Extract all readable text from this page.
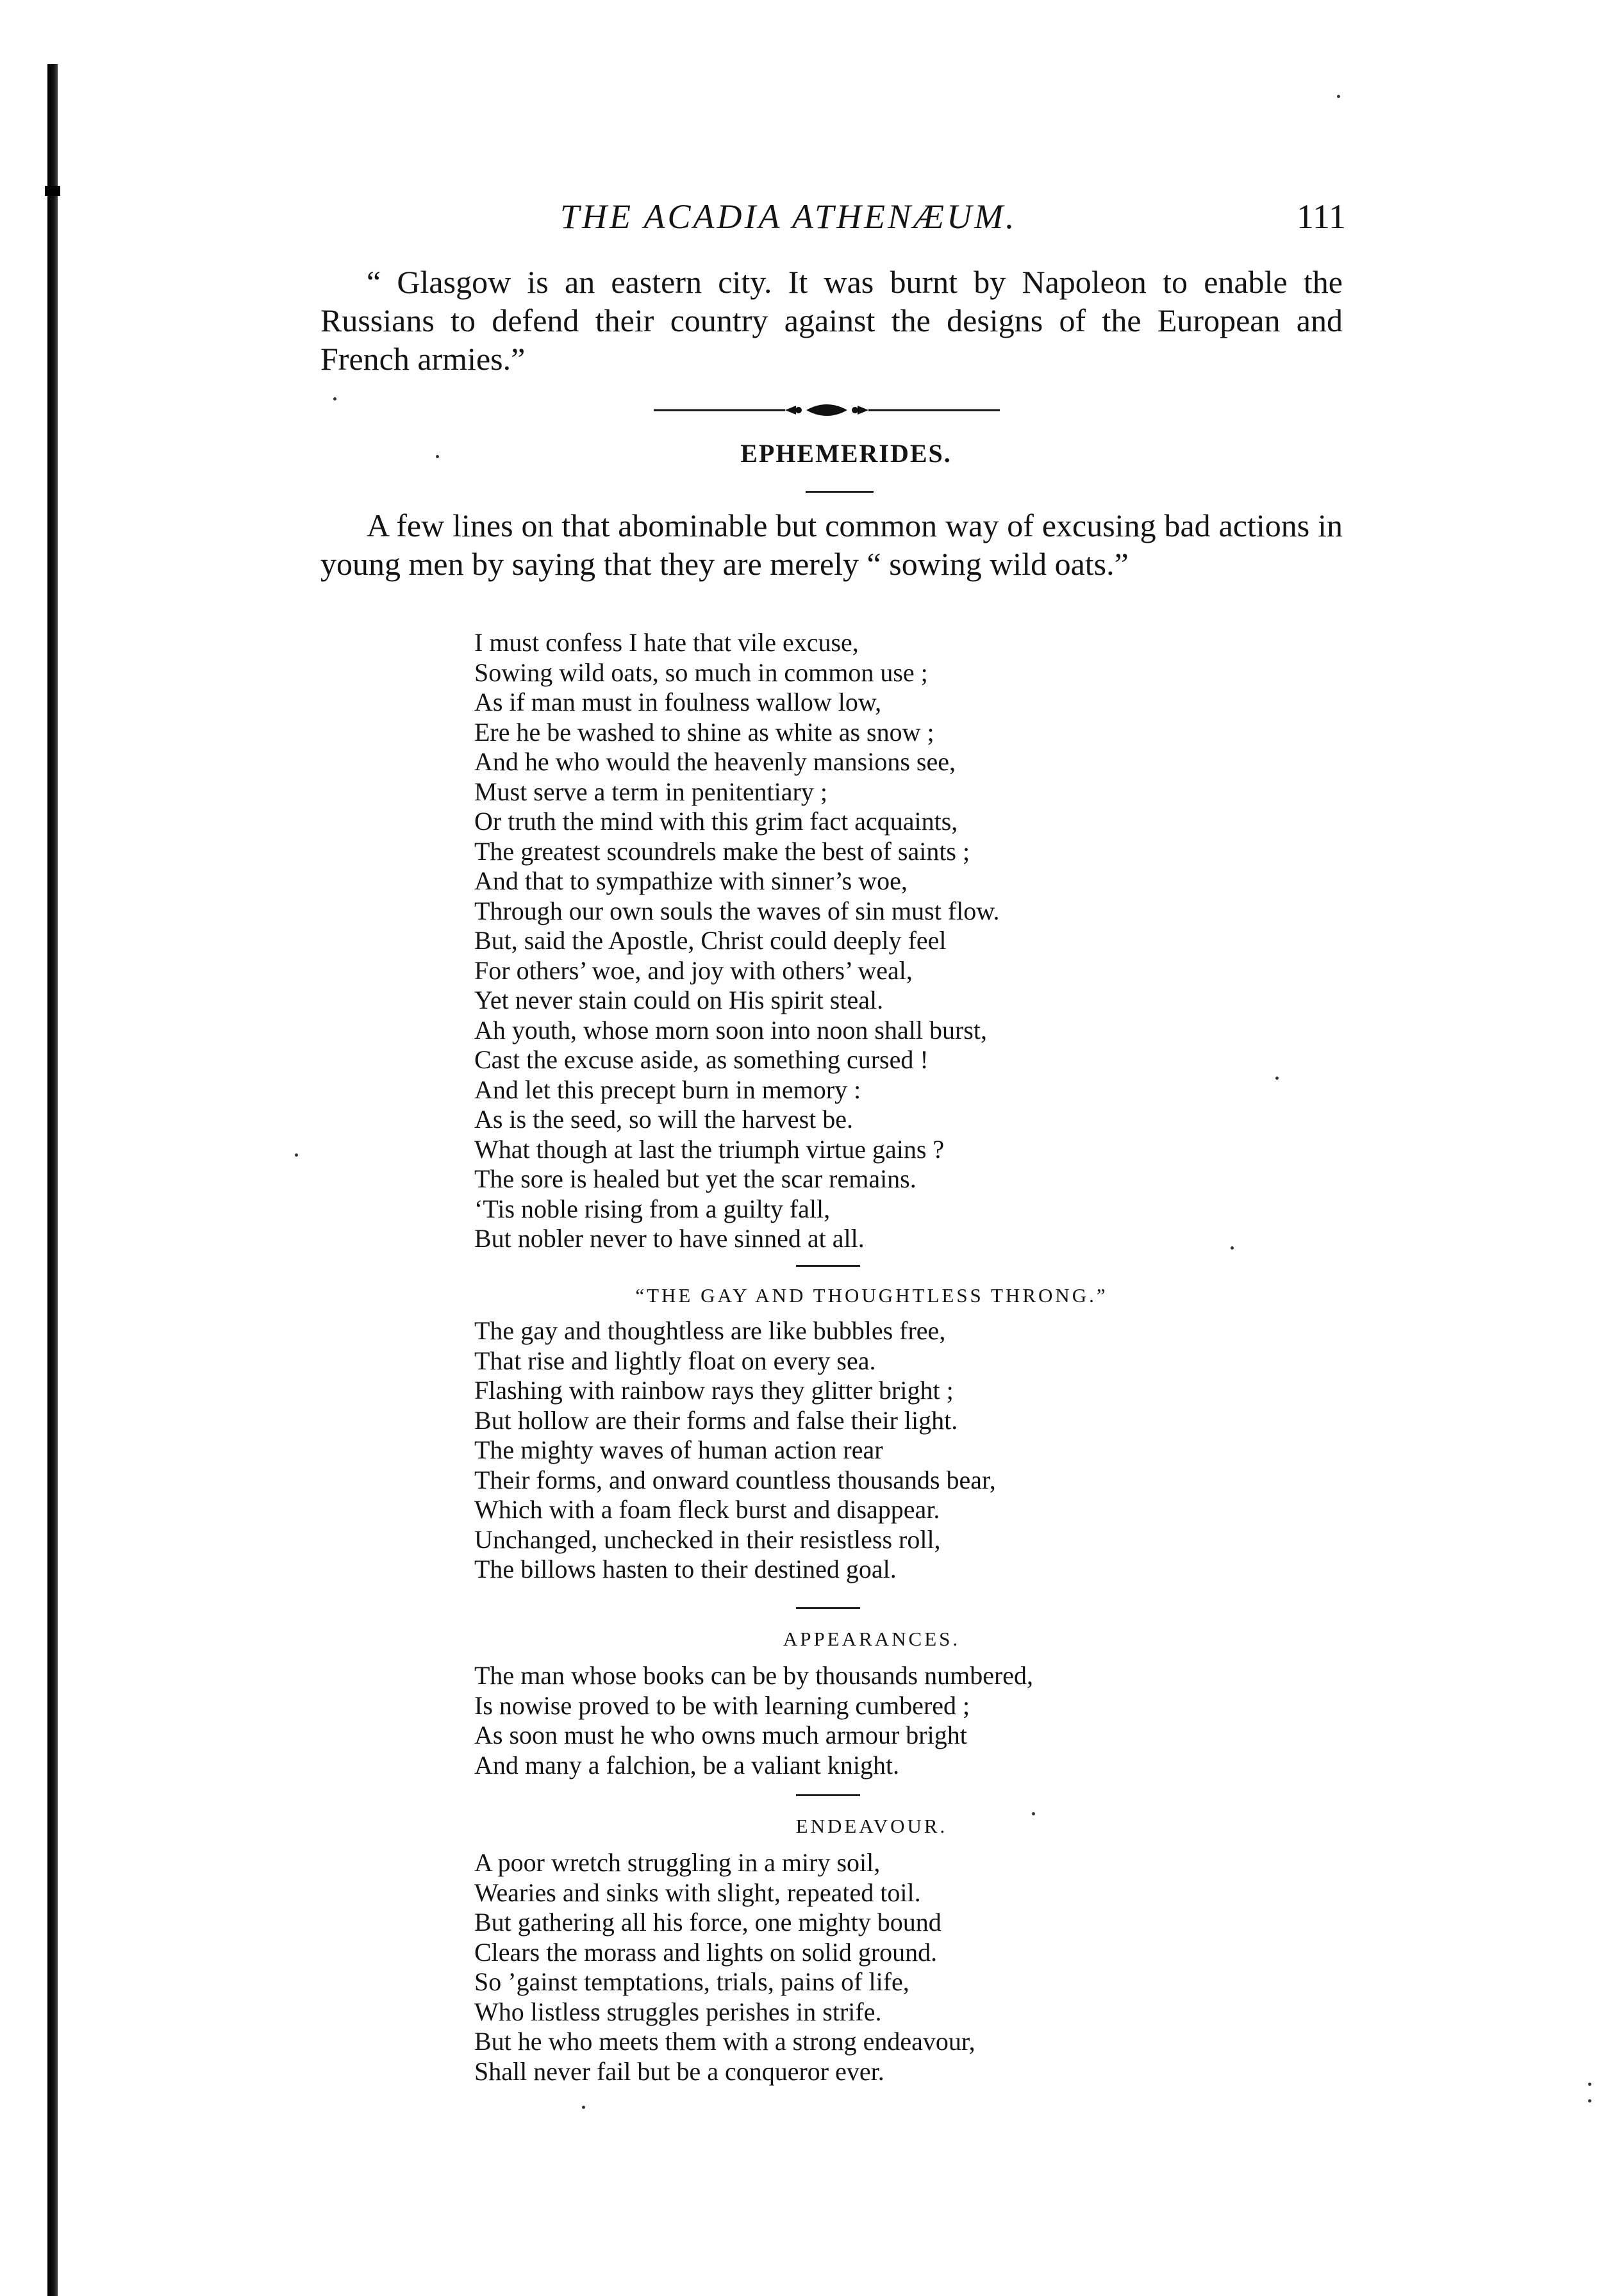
THE ACADIA ATHENÆUM.	111

“ Glasgow is an eastern city. It was burnt by Napoleon to enable the Russians to defend their country against the designs of the European and French armies.”

EPHEMERIDES.

A few lines on that abominable but common way of excusing bad actions in young men by saying that they are merely “ sowing wild oats.”

I must confess I hate that vile excuse,
Sowing wild oats, so much in common use ;
As if man must in foulness wallow low,
Ere he be washed to shine as white as snow ;
And he who would the heavenly mansions see,
Must serve a term in penitentiary ;
Or truth the mind with this grim fact acquaints,
The greatest scoundrels make the best of saints ;
And that to sympathize with sinner’s woe,
Through our own souls the waves of sin must flow.
But, said the Apostle, Christ could deeply feel
For others’ woe, and joy with others’ weal,
Yet never stain could on His spirit steal.
Ah youth, whose morn soon into noon shall burst,
Cast the excuse aside, as something cursed !
And let this precept burn in memory :
As is the seed, so will the harvest be.
What though at last the triumph virtue gains ?
The sore is healed but yet the scar remains.
‘Tis noble rising from a guilty fall,
But nobler never to have sinned at all.
“THE GAY AND THOUGHTLESS THRONG.”
The gay and thoughtless are like bubbles free,
That rise and lightly float on every sea.
Flashing with rainbow rays they glitter bright ;
But hollow are their forms and false their light.
The mighty waves of human action rear
Their forms, and onward countless thousands bear,
Which with a foam fleck burst and disappear.
Unchanged, unchecked in their resistless roll,
The billows hasten to their destined goal.
APPEARANCES.
The man whose books can be by thousands numbered,
Is nowise proved to be with learning cumbered ;
As soon must he who owns much armour bright
And many a falchion, be a valiant knight.
ENDEAVOUR.
A poor wretch struggling in a miry soil,
Wearies and sinks with slight, repeated toil.
But gathering all his force, one mighty bound
Clears the morass and lights on solid ground.
So ’gainst temptations, trials, pains of life,
Who listless struggles perishes in strife.
But he who meets them with a strong endeavour,
Shall never fail but be a conqueror ever.
